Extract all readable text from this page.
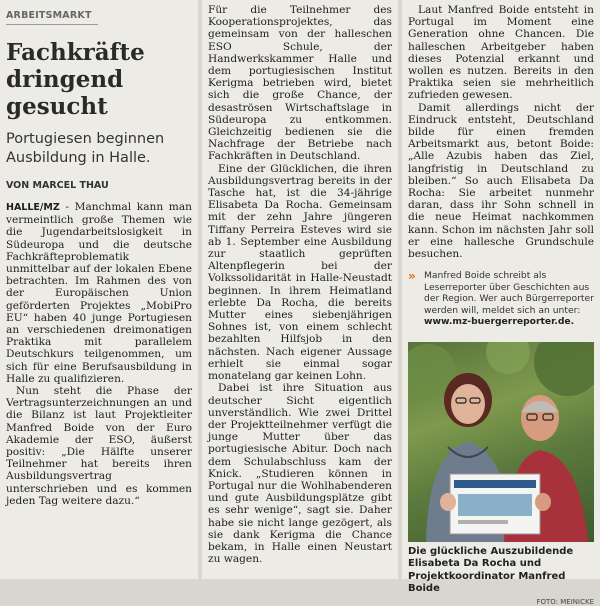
ARBEITSMARKT
Fachkräfte dringend gesucht
Portugiesen beginnen Ausbildung in Halle.
VON MARCEL THAU

HALLE/MZ - Manchmal kann man vermeintlich große Themen wie die Jugendarbeitslosigkeit in Südeuropa und die deutsche Fachkräfteproblematik unmittelbar auf der lokalen Ebene betrachten. Im Rahmen des von der Europäischen Union geförderten Projektes „MobiPro EU“ haben 40 junge Portugiesen an verschiedenen dreimonatigen Praktika mit parallelem Deutschkurs teilgenommen, um sich für eine Berufsausbildung in Halle zu qualifizieren.

Nun steht die Phase der Vertragsunterzeichnungen an und die Bilanz ist laut Projektleiter Manfred Boide von der Euro Akademie der ESO, äußerst positiv: „Die Hälfte unserer Teilnehmer hat bereits ihren Ausbildungsvertrag unterschrieben und es kommen jeden Tag weitere dazu.“

Für die Teilnehmer des Kooperationsprojektes, das gemeinsam von der halleschen ESO Schule, der Handwerkskammer Halle und dem portugiesischen Institut Kerigma betrieben wird, bietet sich die große Chance, der desaströsen Wirtschaftslage in Südeuropa zu entkommen. Gleichzeitig bedienen sie die Nachfrage der Betriebe nach Fachkräften in Deutschland.

Eine der Glücklichen, die ihren Ausbildungsvertrag bereits in der Tasche hat, ist die 34-jährige Elisabeta Da Rocha. Gemeinsam mit der zehn Jahre jüngeren Tiffany Perreira Esteves wird sie ab 1. September eine Ausbildung zur staatlich geprüften Altenpflegerin bei der Volkssolidarität in Halle-Neustadt beginnen. In ihrem Heimatland erlebte Da Rocha, die bereits Mutter eines siebenjährigen Sohnes ist, von einem schlecht bezahlten Hilfsjob in den nächsten. Nach eigener Aussage erhielt sie einmal sogar monatelang gar keinen Lohn.

Dabei ist ihre Situation aus deutscher Sicht eigentlich unverständlich. Wie zwei Drittel der Projektteilnehmer verfügt die junge Mutter über das portugiesische Abitur. Doch nach dem Schulabschluss kam der Knick. „Studieren können in Portugal nur die Wohlhabenderen und gute Ausbildungsplätze gibt es sehr wenige“, sagt sie. Daher habe sie nicht lange gezögert, als sie dank Kerigma die Chance bekam, in Halle einen Neustart zu wagen.

Laut Manfred Boide entsteht in Portugal im Moment eine Generation ohne Chancen. Die halleschen Arbeitgeber haben dieses Potenzial erkannt und wollen es nutzen. Bereits in den Praktika seien sie mehrheitlich zufrieden gewesen.

Damit allerdings nicht der Eindruck entsteht, Deutschland bilde für einen fremden Arbeitsmarkt aus, betont Boide: „Alle Azubis haben das Ziel, langfristig in Deutschland zu bleiben.“ So auch Elisabeta Da Rocha: Sie arbeitet nunmehr daran, dass ihr Sohn schnell in die neue Heimat nachkommen kann. Schon im nächsten Jahr soll er eine hallesche Grundschule besuchen.

» Manfred Boide schreibt als Leserreporter über Geschichten aus der Region. Wer auch Bürgerreporter werden will, meldet sich an unter: www.mz-buergerreporter.de.
Die glückliche Auszubildende Elisabeta Da Rocha und Projektkoordinator Manfred Boide
FOTO: MEINICKE
